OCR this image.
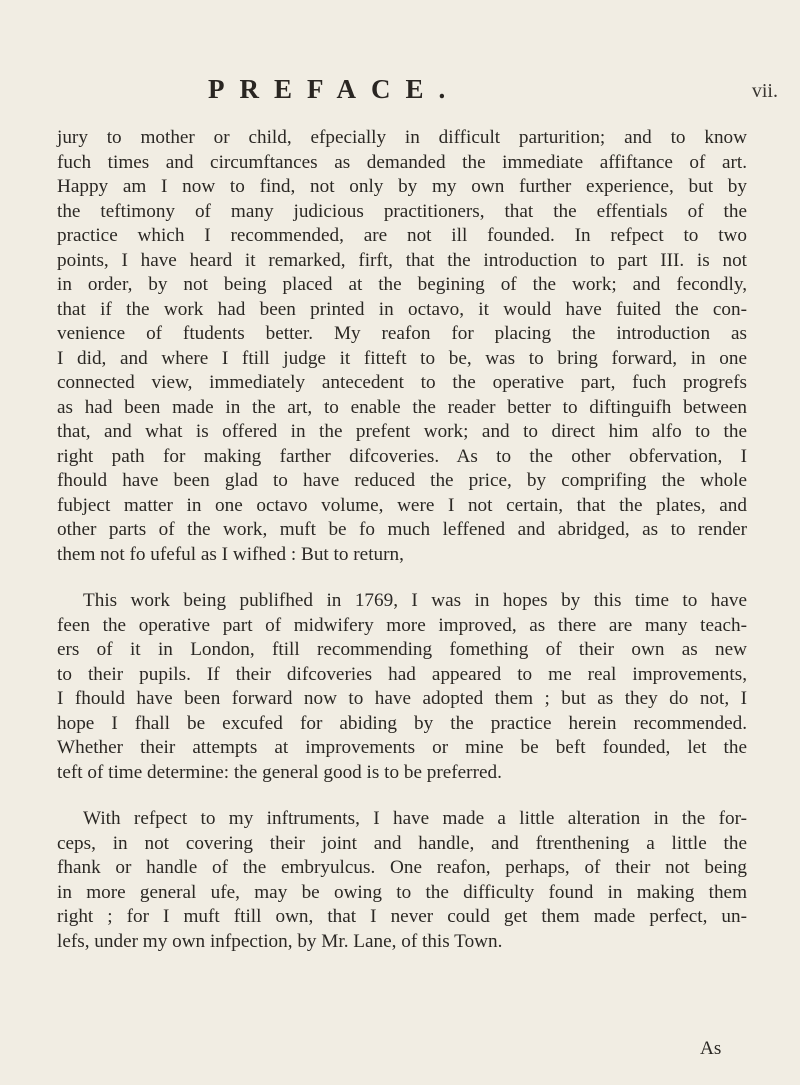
PREFACE.	vii.

jury to mother or child, efpecially in difficult parturition; and to know

fuch times and circumftances as demanded the immediate affiftance of art.

Happy am I now to find, not only by my own further experience, but by

the teftimony of many judicious practitioners, that the effentials of the

practice which I recommended, are not ill founded. In refpect to two

points, I have heard it remarked, firft, that the introduction to part III. is not

in order, by not being placed at the begining of the work; and fecondly,

that if the work had been printed in octavo, it would have fuited the con-

venience of ftudents better. My reafon for placing the introduction as

I did, and where I ftill judge it fitteft to be, was to bring forward, in one

connected view, immediately antecedent to the operative part, fuch progrefs

as had been made in the art, to enable the reader better to diftinguifh between

that, and what is offered in the prefent work; and to direct him alfo to the

right path for making farther difcoveries. As to the other obfervation, I

fhould have been glad to have reduced the price, by comprifing the whole

fubject matter in one octavo volume, were I not certain, that the plates, and

other parts of the work, muft be fo much leffened and abridged, as to render

them not fo ufeful as I wifhed : But to return,

This work being publifhed in 1769, I was in hopes by this time to have

feen the operative part of midwifery more improved, as there are many teach-

ers of it in London, ftill recommending fomething of their own as new

to their pupils. If their difcoveries had appeared to me real improvements,

I fhould have been forward now to have adopted them ; but as they do not, I

hope I fhall be excufed for abiding by the practice herein recommended.

Whether their attempts at improvements or mine be beft founded, let the

teft of time determine: the general good is to be preferred.

With refpect to my inftruments, I have made a little alteration in the for-

ceps, in not covering their joint and handle, and ftrenthening a little the

fhank or handle of the embryulcus. One reafon, perhaps, of their not being

in more general ufe, may be owing to the difficulty found in making them

right ; for I muft ftill own, that I never could get them made perfect, un-

lefs, under my own infpection, by Mr. Lane, of this Town.

As
